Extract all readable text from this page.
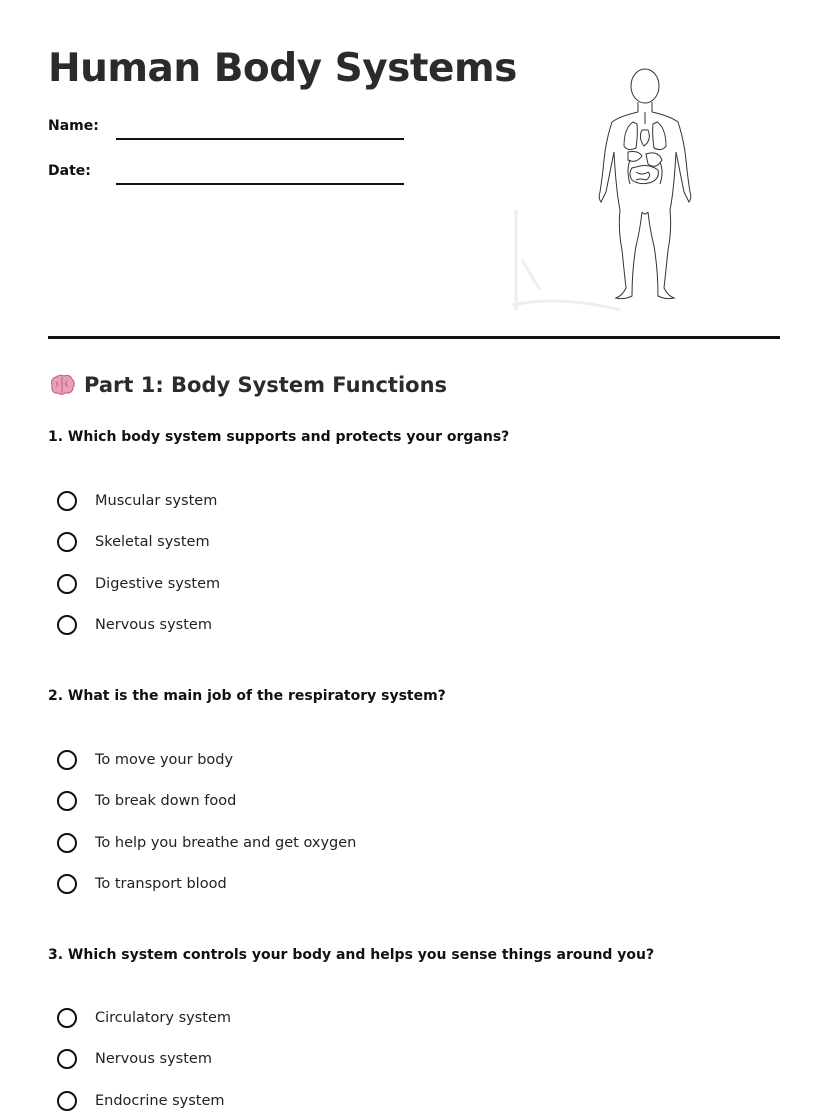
Human Body Systems
Name:
Date:
Part 1: Body System Functions

1. Which body system supports and protects your organs?

Muscular system
Skeletal system
Digestive system
Nervous system

2. What is the main job of the respiratory system?

To move your body
To break down food
To help you breathe and get oxygen
To transport blood

3. Which system controls your body and helps you sense things around you?

Circulatory system
Nervous system
Endocrine system
